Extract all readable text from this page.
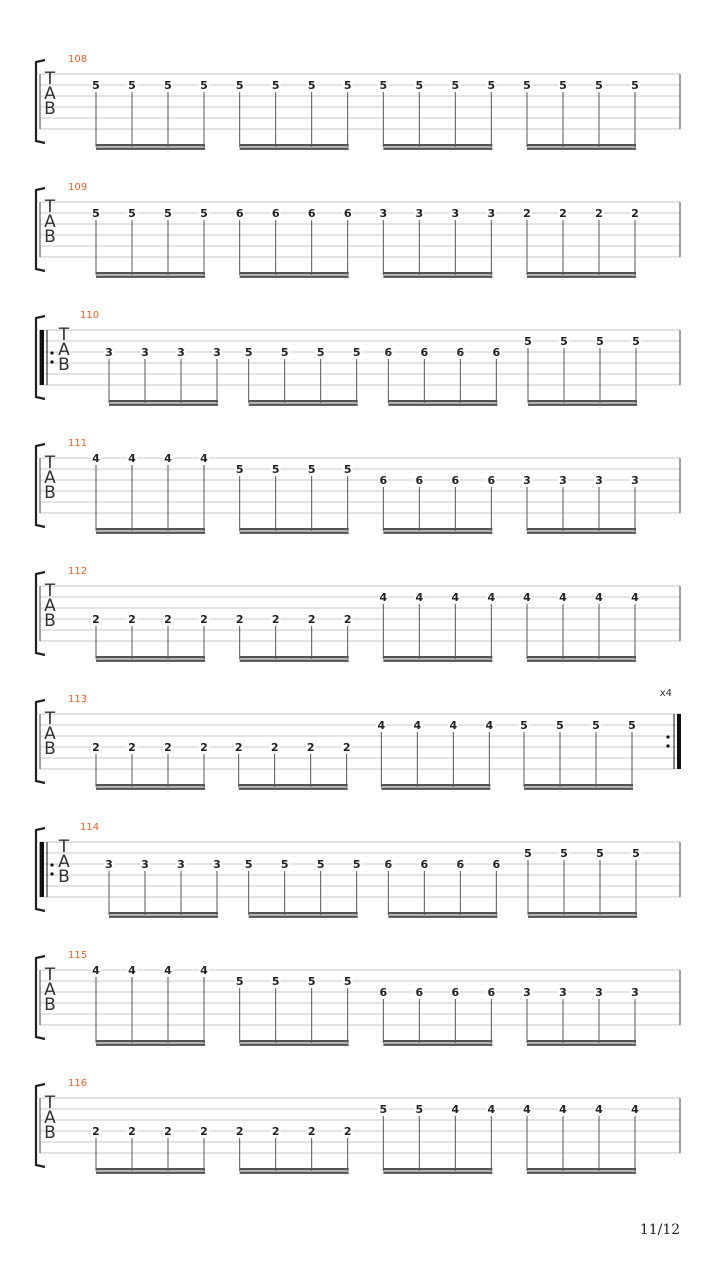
T
A
B
108
5	5	5	5	5	5	5	5	5	5	5	5	5	5	5	5
T
A
B
109
5	5	5	5	6	6	6	6	3	3	3	3	2	2	2	2
T
A
B
110
3	3	3	3 5	5	5	5 6	6	6	6
5	5	5	5
T
A
B
111
4	4	4	4
5	5	5	5
6	6	6	6	3	3	3	3
T
A
B
112
2	2	2	2	2	2	2	2
4	4	4	4	4	4	4	4
T
A
B
113
x4
2	2	2	2 2	2	2	2
4	4	4	4 5	5	5	5
T
A
B
114
3	3	3	3 5	5	5	5 6	6	6	6
5	5	5	5
T
A
B
115
4	4	4	4
5	5	5	5
6	6	6	6	3	3	3	3
T
A
B
116
2	2	2	2	2	2	2	2
5	5	4	4	4	4	4	4
11/12
